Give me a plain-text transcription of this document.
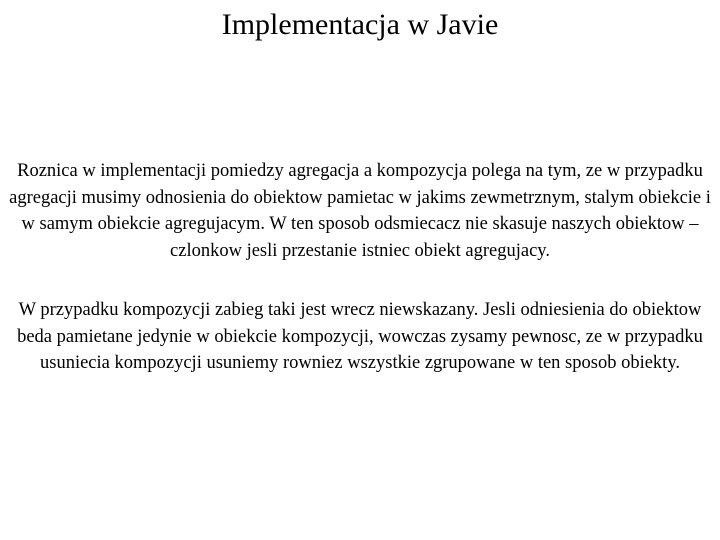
Implementacja w Javie

Roznica w implementacji pomiedzy agregacja a kompozycja polega na tym, ze w przypadku agregacji musimy odnosienia do obiektow pamietac w jakims zewmetrznym, stalym obiekcie i w samym obiekcie agregujacym. W ten sposob odsmiecacz nie skasuje naszych obiektow – czlonkow jesli przestanie istniec obiekt agregujacy.

W przypadku kompozycji zabieg taki jest wrecz niewskazany. Jesli odniesienia do obiektow beda pamietane jedynie w obiekcie kompozycji, wowczas zysamy pewnosc, ze w przypadku usuniecia kompozycji usuniemy rowniez wszystkie zgrupowane w ten sposob obiekty.
